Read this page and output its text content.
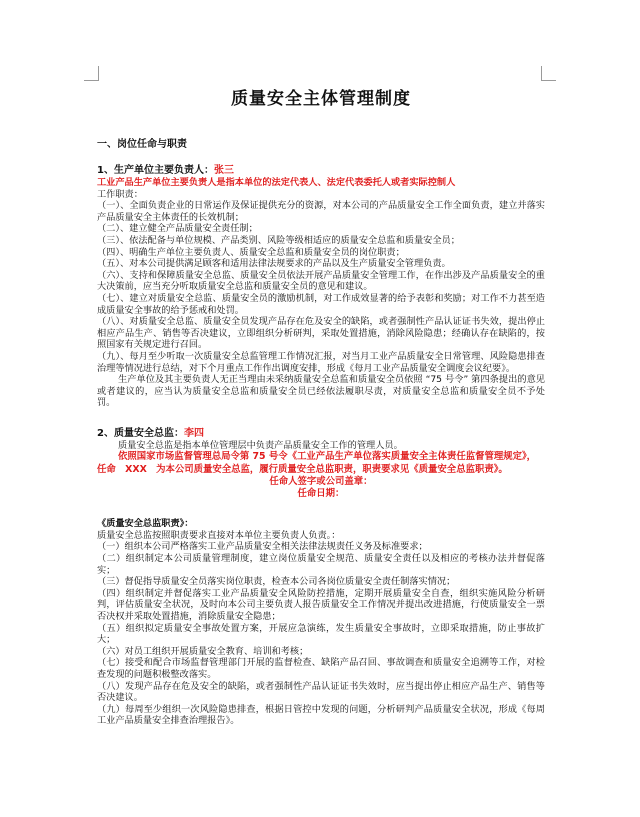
质量安全主体管理制度
一、岗位任命与职责
1、生产单位主要负责人：张三

工业产品生产单位主要负责人是指本单位的法定代表人、法定代表委托人或者实际控制人

工作职责：

（一）、全面负责企业的日常运作及保证提供充分的资源，对本公司的产品质量安全工作全面负责，建立并落实产品质量安全主体责任的长效机制；

（二）、建立健全产品质量安全责任制；

（三）、依法配备与单位规模、产品类别、风险等级相适应的质量安全总监和质量安全员；

（四）、明确生产单位主要负责人、质量安全总监和质量安全员的岗位职责；

（五）、对本公司提供满足顾客和适用法律法规要求的产品以及生产质量安全管理负责。

（六）、支持和保障质量安全总监、质量安全员依法开展产品质量安全管理工作，在作出涉及产品质量安全的重大决策前，应当充分听取质量安全总监和质量安全员的意见和建议。

（七）、建立对质量安全总监、质量安全员的激励机制，对工作成效显著的给予表彰和奖励；对工作不力甚至造成质量安全事故的给予惩戒和处罚。

（八）、对质量安全总监、质量安全员发现产品存在危及安全的缺陷，或者强制性产品认证证书失效，提出停止相应产品生产、销售等否决建议，立即组织分析研判，采取处置措施，消除风险隐患；经确认存在缺陷的，按照国家有关规定进行召回。

（九）、每月至少听取一次质量安全总监管理工作情况汇报，对当月工业产品质量安全日常管理、风险隐患排查治理等情况进行总结，对下个月重点工作作出调度安排，形成《每月工业产品质量安全调度会议纪要》。

生产单位及其主要负责人无正当理由未采纳质量安全总监和质量安全员依照 “75 号令” 第四条提出的意见或者建议的，应当认为质量安全总监和质量安全员已经依法履职尽责，对质量安全总监和质量安全员不予处罚。

2、质量安全总监：李四

质量安全总监是指本单位管理层中负责产品质量安全工作的管理人员。

依照国家市场监督管理总局令第 75 号令《工业产品生产单位落实质量安全主体责任监督管理规定》，任命　XXX　为本公司质量安全总监，履行质量安全总监职责，职责要求见《质量安全总监职责》。

任命人签字或公司盖章：

任命日期：

《质量安全总监职责》：

质量安全总监按照职责要求直接对本单位主要负责人负责。：

（一）组织本公司严格落实工业产品质量安全相关法律法规责任义务及标准要求；

（二）组织制定本公司质量管理制度，建立岗位质量安全规范、质量安全责任以及相应的考核办法并督促落实；

（三）督促指导质量安全员落实岗位职责，检查本公司各岗位质量安全责任制落实情况；

（四）组织制定并督促落实工业产品质量安全风险防控措施，定期开展质量安全自查，组织实施风险分析研判，评估质量安全状况，及时向本公司主要负责人报告质量安全工作情况并提出改进措施，行使质量安全一票否决权并采取处置措施，消除质量安全隐患；

（五）组织拟定质量安全事故处置方案，开展应急演练，发生质量安全事故时，立即采取措施，防止事故扩大；

（六）对员工组织开展质量安全教育、培训和考核；

（七）接受和配合市场监督管理部门开展的监督检查、缺陷产品召回、事故调查和质量安全追溯等工作，对检查发现的问题积极整改落实。

（八）发现产品存在危及安全的缺陷，或者强制性产品认证证书失效时，应当提出停止相应产品生产、销售等否决建议。

（九）每周至少组织一次风险隐患排查，根据日管控中发现的问题，分析研判产品质量安全状况，形成《每周工业产品质量安全排查治理报告》。
